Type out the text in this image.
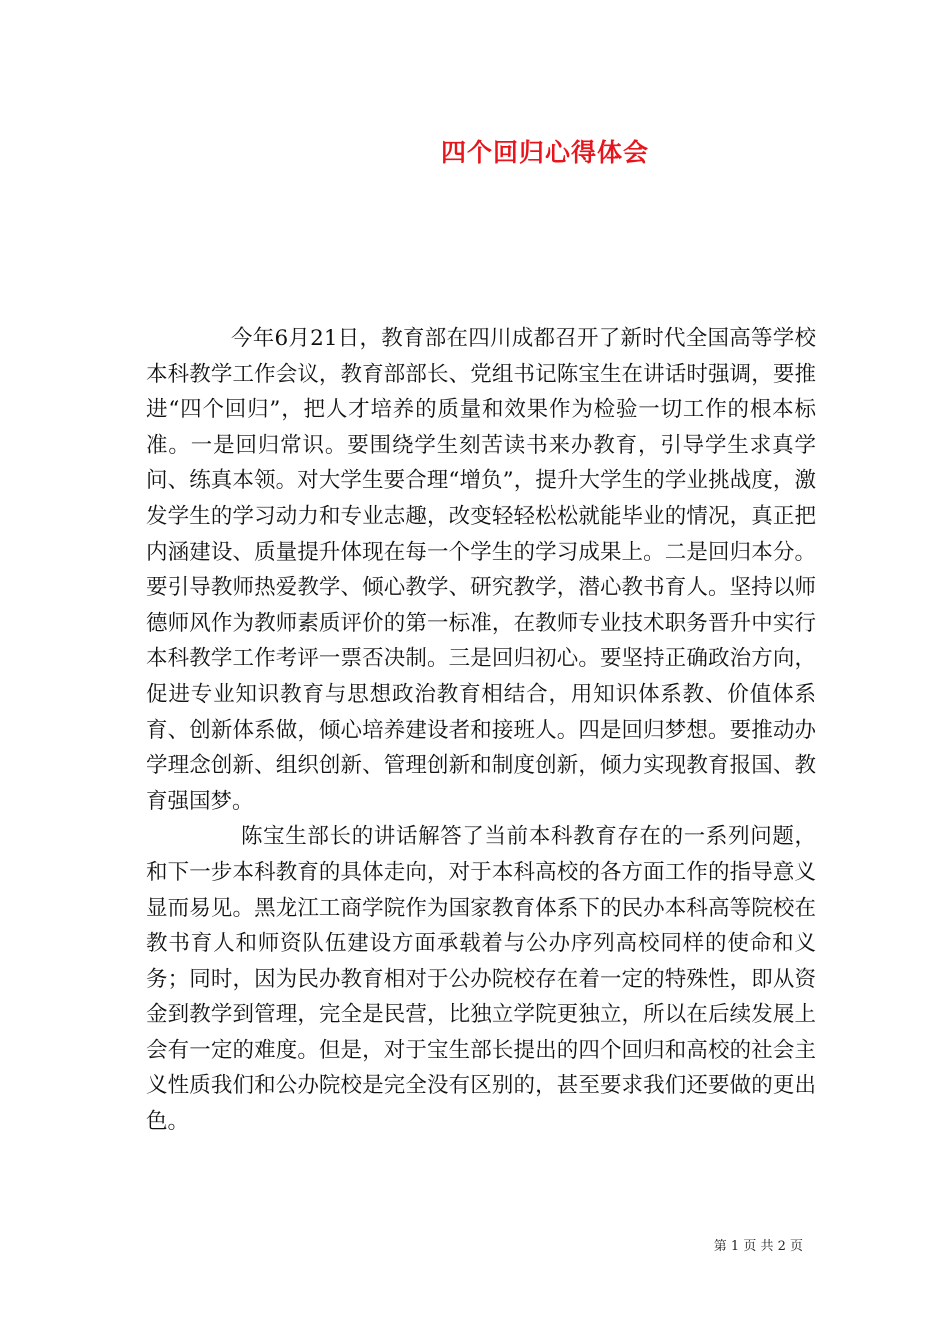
四个回归心得体会

今年6月21日，教育部在四川成都召开了新时代全国高等学校本科教学工作会议，教育部部长、党组书记陈宝生在讲话时强调，要推进“四个回归”，把人才培养的质量和效果作为检验一切工作的根本标准。一是回归常识。要围绕学生刻苦读书来办教育，引导学生求真学问、练真本领。对大学生要合理“增负”，提升大学生的学业挑战度，激发学生的学习动力和专业志趣，改变轻轻松松就能毕业的情况，真正把内涵建设、质量提升体现在每一个学生的学习成果上。二是回归本分。要引导教师热爱教学、倾心教学、研究教学，潜心教书育人。坚持以师德师风作为教师素质评价的第一标准，在教师专业技术职务晋升中实行本科教学工作考评一票否决制。三是回归初心。要坚持正确政治方向，促进专业知识教育与思想政治教育相结合，用知识体系教、价值体系育、创新体系做，倾心培养建设者和接班人。四是回归梦想。要推动办学理念创新、组织创新、管理创新和制度创新，倾力实现教育报国、教育强国梦。

陈宝生部长的讲话解答了当前本科教育存在的一系列问题，和下一步本科教育的具体走向，对于本科高校的各方面工作的指导意义显而易见。黑龙江工商学院作为国家教育体系下的民办本科高等院校在教书育人和师资队伍建设方面承载着与公办序列高校同样的使命和义务；同时，因为民办教育相对于公办院校存在着一定的特殊性，即从资金到教学到管理，完全是民营，比独立学院更独立，所以在后续发展上会有一定的难度。但是，对于宝生部长提出的四个回归和高校的社会主义性质我们和公办院校是完全没有区别的，甚至要求我们还要做的更出色。

第 1 页 共 2 页
